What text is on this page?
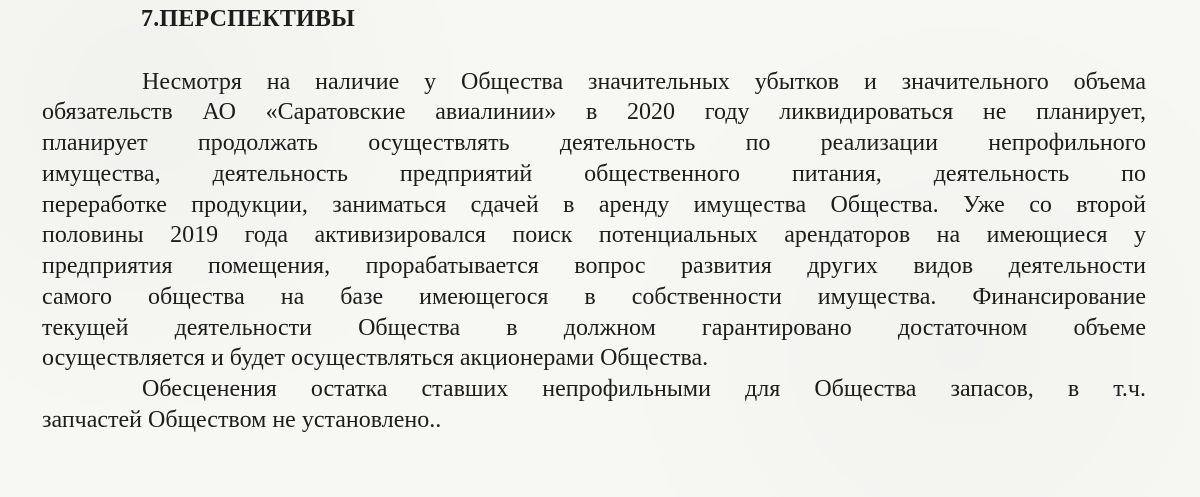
7.ПЕРСПЕКТИВЫ
Несмотря на наличие у Общества значительных убытков и значительного объема
обязательств АО «Саратовские авиалинии» в 2020 году ликвидироваться не планирует,
планирует продолжать осуществлять деятельность по реализации непрофильного
имущества, деятельность предприятий общественного питания, деятельность по
переработке продукции, заниматься сдачей в аренду имущества Общества. Уже со второй
половины 2019 года активизировался поиск потенциальных арендаторов на имеющиеся у
предприятия помещения, прорабатывается вопрос развития других видов деятельности
самого общества на базе имеющегося в собственности имущества. Финансирование
текущей деятельности Общества в должном гарантировано достаточном объеме
осуществляется и будет осуществляться акционерами Общества.
Обесценения остатка ставших непрофильными для Общества запасов, в т.ч.
запчастей Обществом не установлено..
